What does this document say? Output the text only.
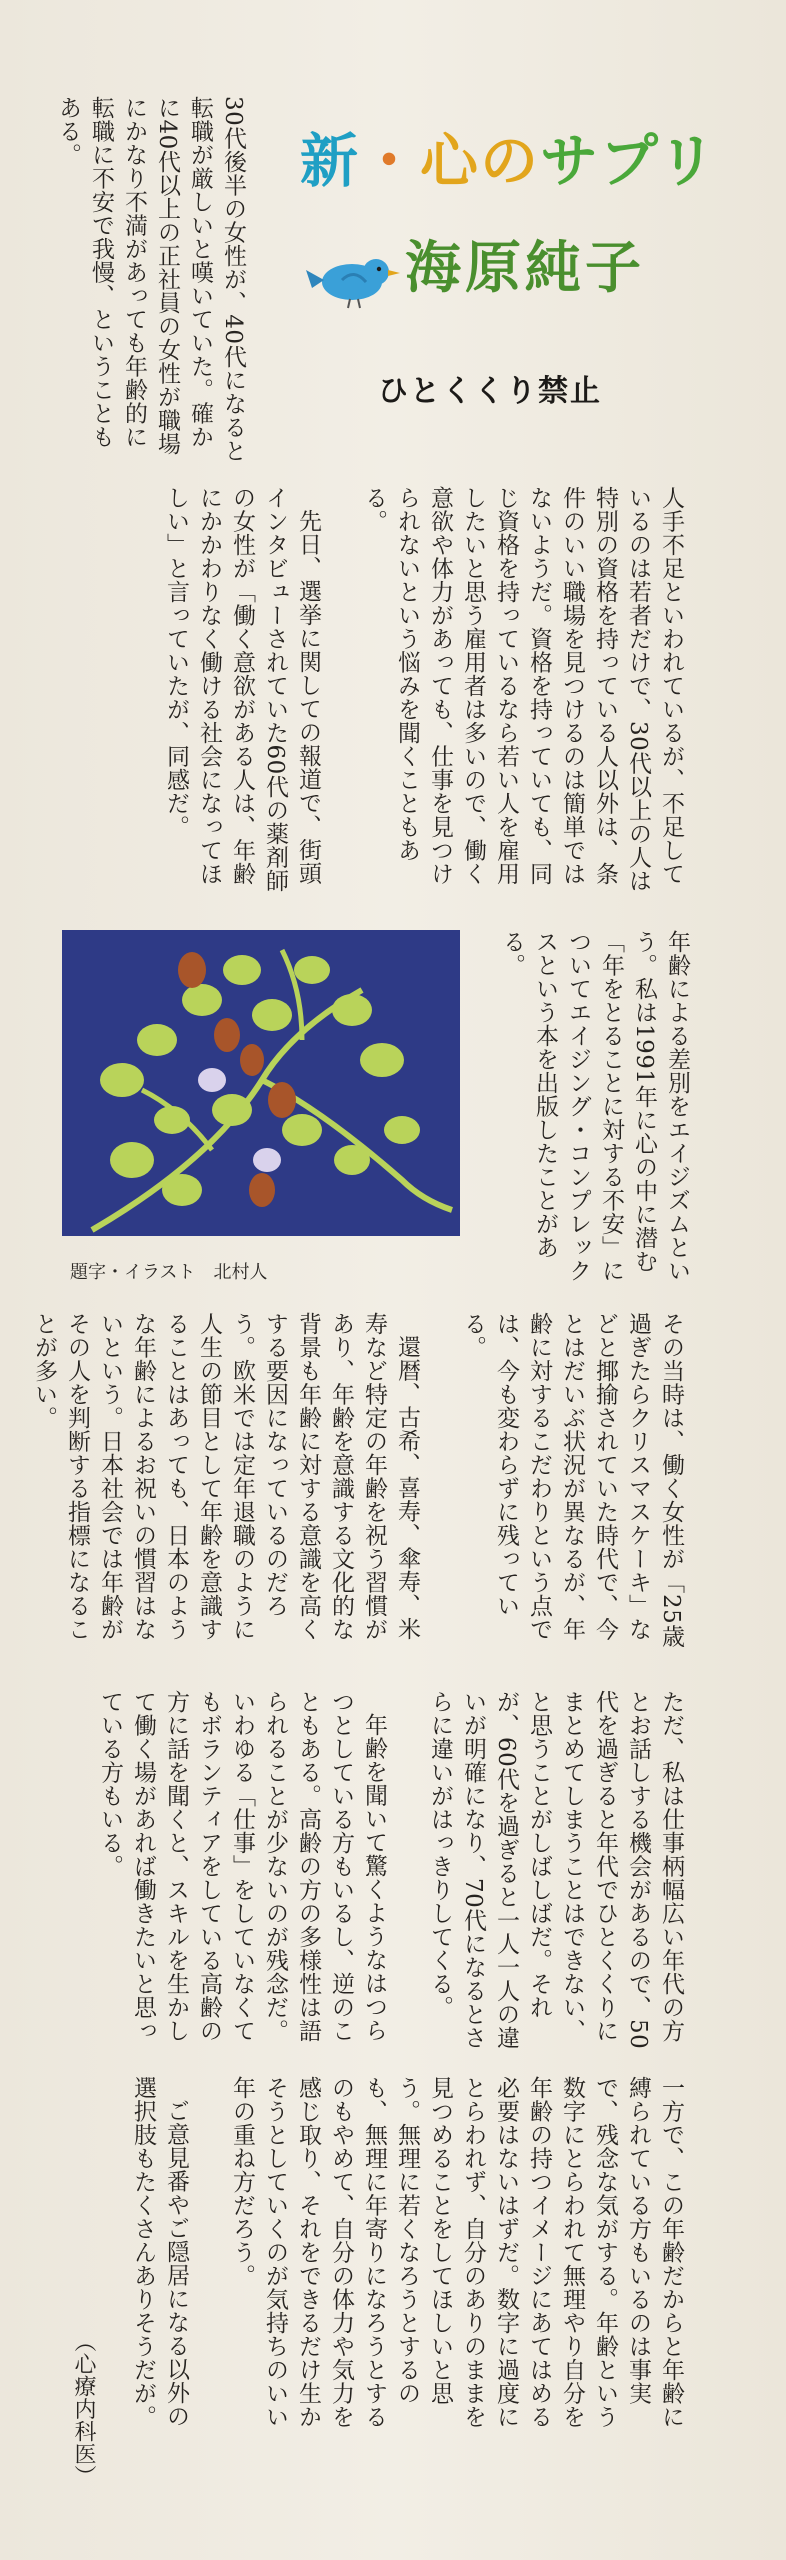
30代後半の女性が、40代になると転職が厳しいと嘆いていた。確かに40代以上の正社員の女性が職場にかなり不満があっても年齢的に転職に不安で我慢、ということもある。	新・心のサプリ
海原純子
ひとくくり禁止

人手不足といわれているが、不足しているのは若者だけで、30代以上の人は特別の資格を持っている人以外は、条件のいい職場を見つけるのは簡単ではないようだ。資格を持っていても、同じ資格を持っているなら若い人を雇用したいと思う雇用者は多いので、働く意欲や体力があっても、仕事を見つけられないという悩みを聞くこともある。

先日、選挙に関しての報道で、街頭インタビューされていた60代の薬剤師の女性が「働く意欲がある人は、年齢にかかわりなく働ける社会になってほしい」と言っていたが、同感だ。

題字・イラスト　北村人	年齢による差別をエイジズムという。私は1991年に心の中に潜む「年をとることに対する不安」についてエイジング・コンプレックスという本を出版したことがある。

その当時は、働く女性が「25歳過ぎたらクリスマスケーキ」などと揶揄されていた時代で、今とはだいぶ状況が異なるが、年齢に対するこだわりという点では、今も変わらずに残っている。

還暦、古希、喜寿、傘寿、米寿など特定の年齢を祝う習慣があり、年齢を意識する文化的な背景も年齢に対する意識を高くする要因になっているのだろう。欧米では定年退職のように人生の節目として年齢を意識することはあっても、日本のような年齢によるお祝いの慣習はないという。日本社会では年齢がその人を判断する指標になることが多い。

ただ、私は仕事柄幅広い年代の方とお話しする機会があるので、50代を過ぎると年代でひとくくりにまとめてしまうことはできない、と思うことがしばしばだ。それが、60代を過ぎると一人一人の違いが明確になり、70代になるとさらに違いがはっきりしてくる。

年齢を聞いて驚くようなはつらつとしている方もいるし、逆のこともある。高齢の方の多様性は語られることが少ないのが残念だ。いわゆる「仕事」をしていなくてもボランティアをしている高齢の方に話を聞くと、スキルを生かして働く場があれば働きたいと思っている方もいる。

一方で、この年齢だからと年齢に縛られている方もいるのは事実で、残念な気がする。年齢という数字にとらわれて無理やり自分を年齢の持つイメージにあてはめる必要はないはずだ。数字に過度にとらわれず、自分のありのままを見つめることをしてほしいと思う。無理に若くなろうとするのも、無理に年寄りになろうとするのもやめて、自分の体力や気力を感じ取り、それをできるだけ生かそうとしていくのが気持ちのいい年の重ね方だろう。

ご意見番やご隠居になる以外の選択肢もたくさんありそうだが。

（心療内科医）
